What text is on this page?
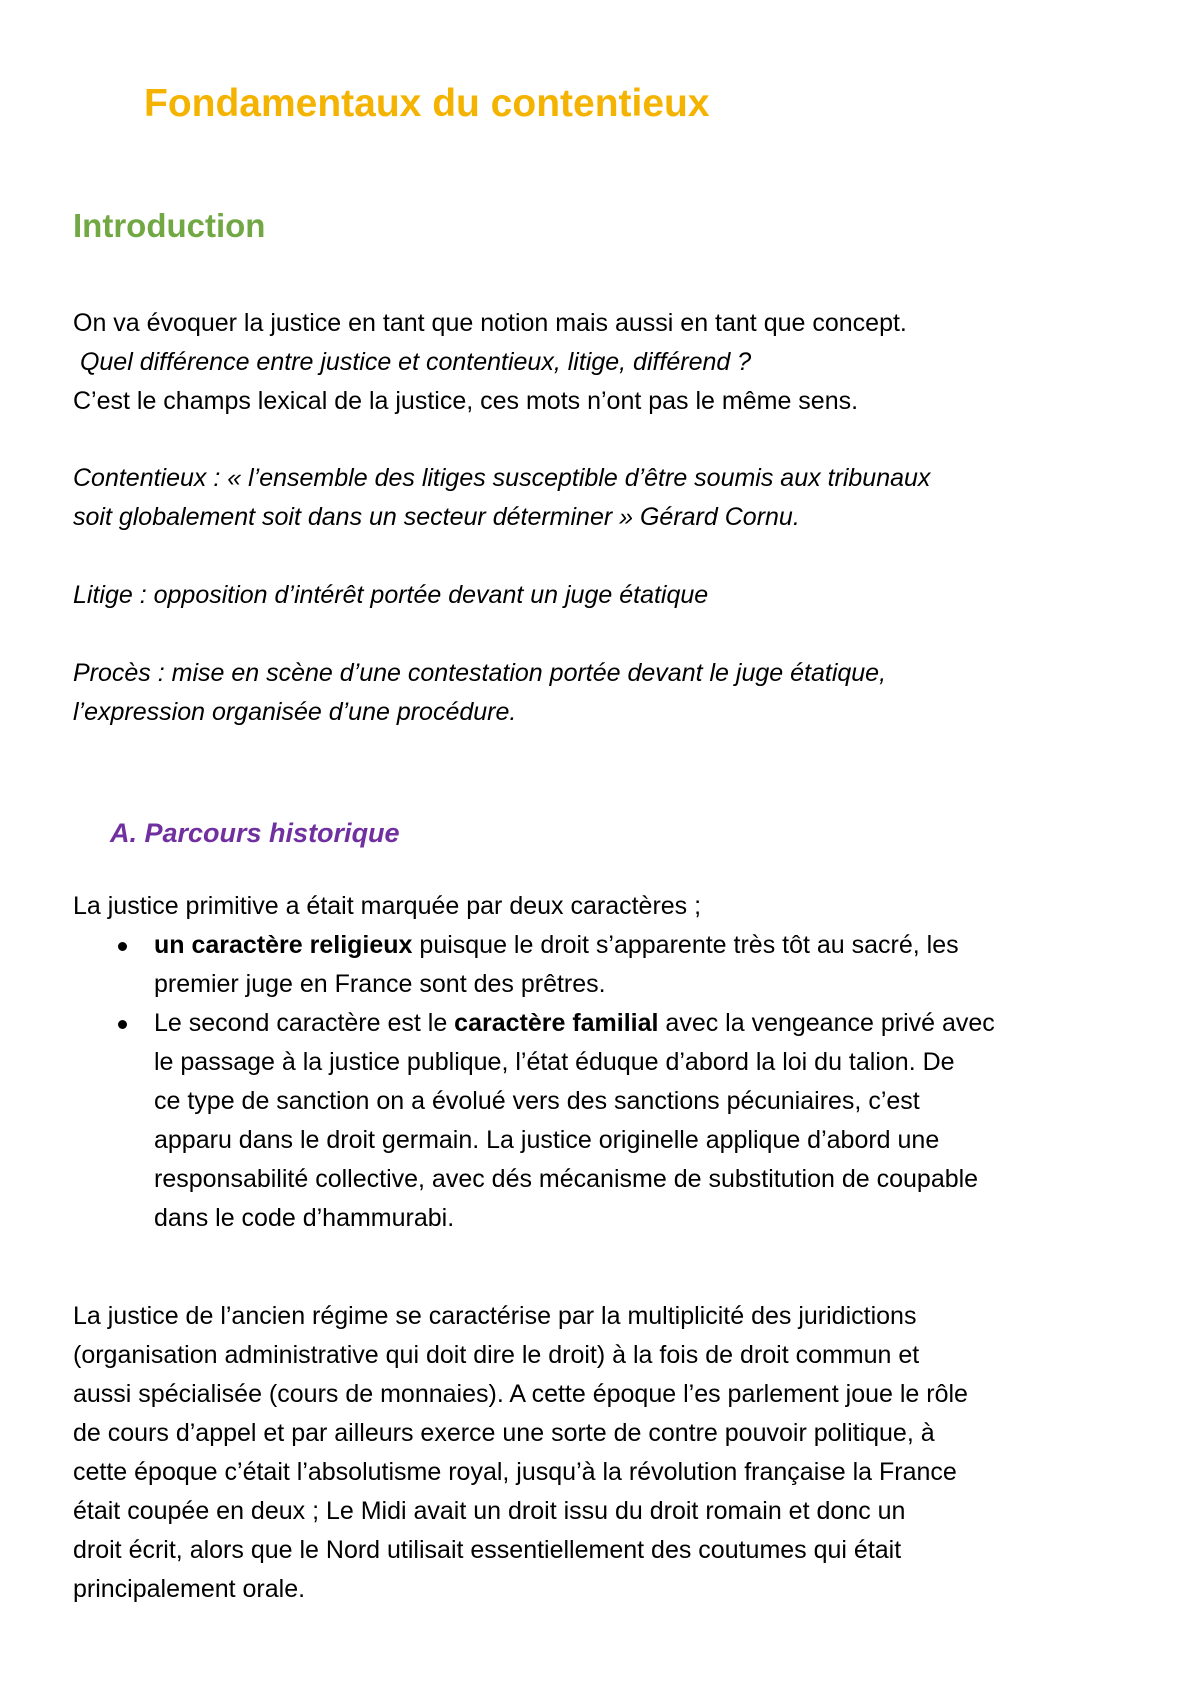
Fondamentaux du contentieux
Introduction
On va évoquer la justice en tant que notion mais aussi en tant que concept.
Quel différence entre justice et contentieux, litige, différend ?
C’est le champs lexical de la justice, ces mots n’ont pas le même sens.
Contentieux : « l’ensemble des litiges susceptible d’être soumis aux tribunaux
soit globalement soit dans un secteur déterminer » Gérard Cornu.
Litige : opposition d’intérêt portée devant un juge étatique
Procès : mise en scène d’une contestation portée devant le juge étatique,
l’expression organisée d’une procédure.
A. Parcours historique
La justice primitive a était marquée par deux caractères ;
un caractère religieux puisque le droit s’apparente très tôt au sacré, les
premier juge en France sont des prêtres.
Le second caractère est le caractère familial avec la vengeance privé avec
le passage à la justice publique, l’état éduque d’abord la loi du talion. De
ce type de sanction on a évolué vers des sanctions pécuniaires, c’est
apparu dans le droit germain. La justice originelle applique d’abord une
responsabilité collective, avec dés mécanisme de substitution de coupable
dans le code d’hammurabi.
La justice de l’ancien régime se caractérise par la multiplicité des juridictions
(organisation administrative qui doit dire le droit) à la fois de droit commun et
aussi spécialisée (cours de monnaies). A cette époque l’es parlement joue le rôle
de cours d’appel et par ailleurs exerce une sorte de contre pouvoir politique, à
cette époque c’était l’absolutisme royal, jusqu’à la révolution française la France
était coupée en deux ; Le Midi avait un droit issu du droit romain et donc un
droit écrit, alors que le Nord utilisait essentiellement des coutumes qui était
principalement orale.
